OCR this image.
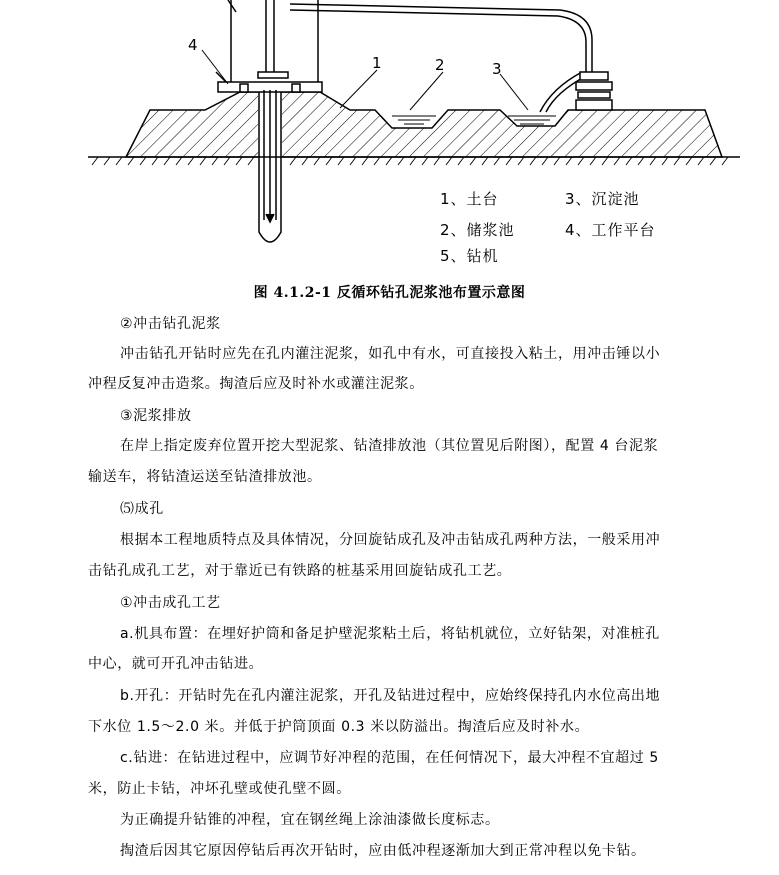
4
1	2	3
1、土台	3、沉淀池
2、储浆池	4、工作平台
5、钻机
图 4.1.2-1 反循环钻孔泥浆池布置示意图
②冲击钻孔泥浆
冲击钻孔开钻时应先在孔内灌注泥浆，如孔中有水，可直接投入粘土，用冲击锤以小
冲程反复冲击造浆。掏渣后应及时补水或灌注泥浆。
③泥浆排放
在岸上指定废弃位置开挖大型泥浆、钻渣排放池（其位置见后附图），配置 4 台泥浆
输送车，将钻渣运送至钻渣排放池。
⑸成孔
根据本工程地质特点及具体情况，分回旋钻成孔及冲击钻成孔两种方法，一般采用冲
击钻孔成孔工艺，对于靠近已有铁路的桩基采用回旋钻成孔工艺。
①冲击成孔工艺
a.机具布置：在埋好护筒和备足护壁泥浆粘土后，将钻机就位，立好钻架，对准桩孔
中心，就可开孔冲击钻进。
b.开孔：开钻时先在孔内灌注泥浆，开孔及钻进过程中，应始终保持孔内水位高出地
下水位 1.5～2.0 米。并低于护筒顶面 0.3 米以防溢出。掏渣后应及时补水。
c.钻进：在钻进过程中，应调节好冲程的范围，在任何情况下，最大冲程不宜超过 5
米，防止卡钻，冲坏孔壁或使孔壁不圆。
为正确提升钻锥的冲程，宜在钢丝绳上涂油漆做长度标志。
掏渣后因其它原因停钻后再次开钻时，应由低冲程逐渐加大到正常冲程以免卡钻。
